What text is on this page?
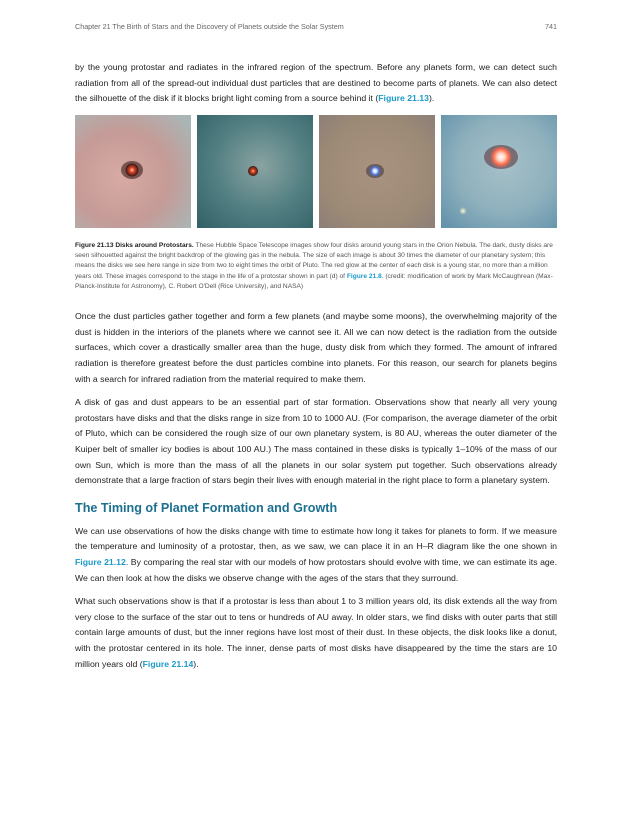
Chapter 21 The Birth of Stars and the Discovery of Planets outside the Solar System	741

by the young protostar and radiates in the infrared region of the spectrum. Before any planets form, we can detect such radiation from all of the spread-out individual dust particles that are destined to become parts of planets. We can also detect the silhouette of the disk if it blocks bright light coming from a source behind it (Figure 21.13).

Figure 21.13 Disks around Protostars. These Hubble Space Telescope images show four disks around young stars in the Orion Nebula. The dark, dusty disks are seen silhouetted against the bright backdrop of the glowing gas in the nebula. The size of each image is about 30 times the diameter of our planetary system; this means the disks we see here range in size from two to eight times the orbit of Pluto. The red glow at the center of each disk is a young star, no more than a million years old. These images correspond to the stage in the life of a protostar shown in part (d) of Figure 21.8. (credit: modification of work by Mark McCaughrean (Max-Planck-Institute for Astronomy), C. Robert O'Dell (Rice University), and NASA)

Once the dust particles gather together and form a few planets (and maybe some moons), the overwhelming majority of the dust is hidden in the interiors of the planets where we cannot see it. All we can now detect is the radiation from the outside surfaces, which cover a drastically smaller area than the huge, dusty disk from which they formed. The amount of infrared radiation is therefore greatest before the dust particles combine into planets. For this reason, our search for planets begins with a search for infrared radiation from the material required to make them.

A disk of gas and dust appears to be an essential part of star formation. Observations show that nearly all very young protostars have disks and that the disks range in size from 10 to 1000 AU. (For comparison, the average diameter of the orbit of Pluto, which can be considered the rough size of our own planetary system, is 80 AU, whereas the outer diameter of the Kuiper belt of smaller icy bodies is about 100 AU.) The mass contained in these disks is typically 1–10% of the mass of our own Sun, which is more than the mass of all the planets in our solar system put together. Such observations already demonstrate that a large fraction of stars begin their lives with enough material in the right place to form a planetary system.

The Timing of Planet Formation and Growth

We can use observations of how the disks change with time to estimate how long it takes for planets to form. If we measure the temperature and luminosity of a protostar, then, as we saw, we can place it in an H–R diagram like the one shown in Figure 21.12. By comparing the real star with our models of how protostars should evolve with time, we can estimate its age. We can then look at how the disks we observe change with the ages of the stars that they surround.

What such observations show is that if a protostar is less than about 1 to 3 million years old, its disk extends all the way from very close to the surface of the star out to tens or hundreds of AU away. In older stars, we find disks with outer parts that still contain large amounts of dust, but the inner regions have lost most of their dust. In these objects, the disk looks like a donut, with the protostar centered in its hole. The inner, dense parts of most disks have disappeared by the time the stars are 10 million years old (Figure 21.14).
